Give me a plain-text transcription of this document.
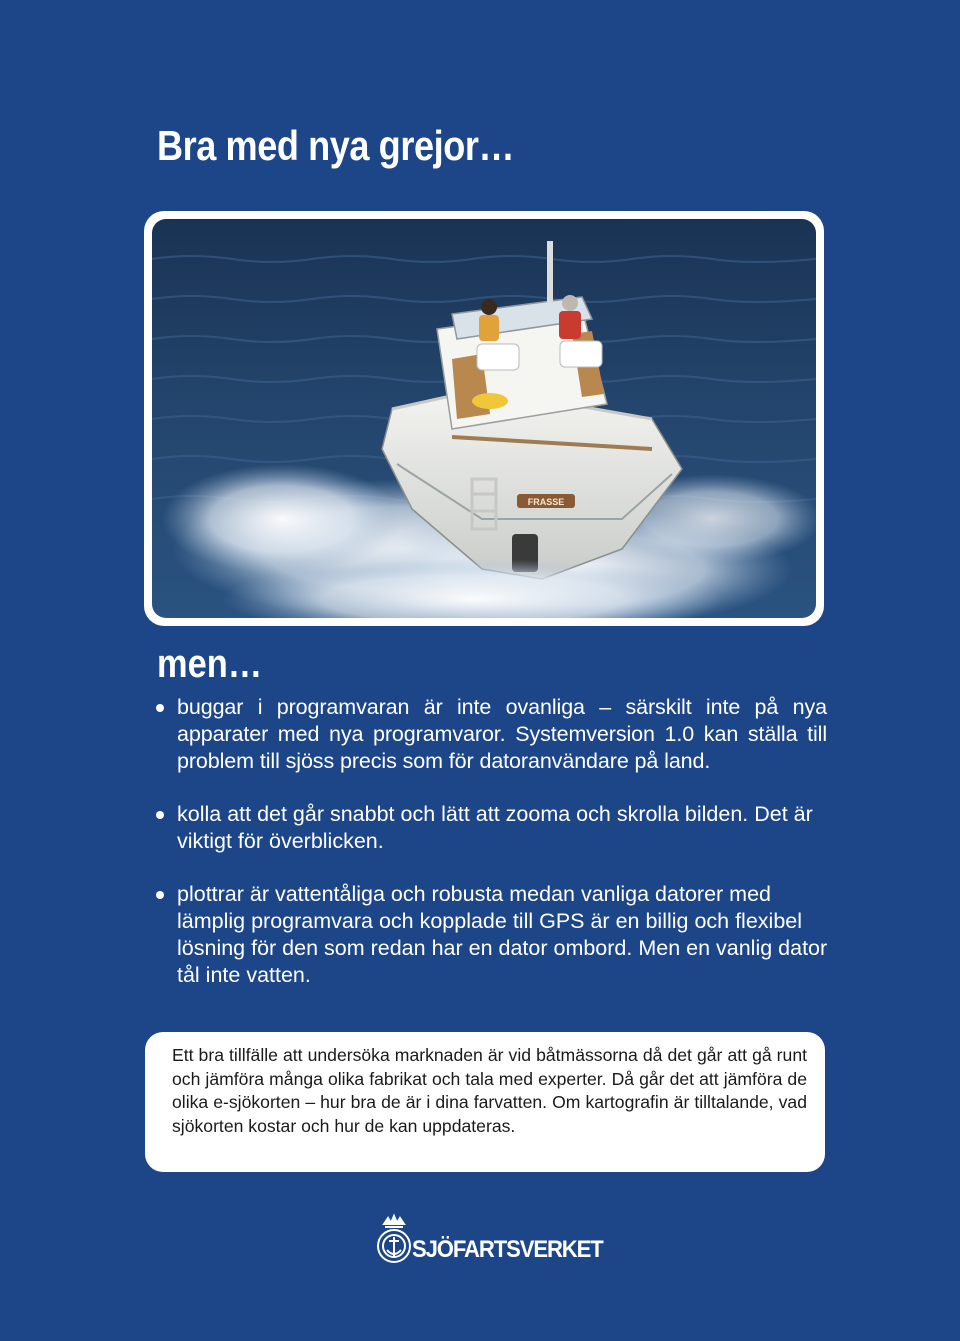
Bra med nya grejor…
FRASSE
men…
buggar i programvaran är inte ovanliga – särskilt inte på nya apparater med nya programvaror. Systemversion 1.0 kan ställa till problem till sjöss precis som för datoranvändare på land.
kolla att det går snabbt och lätt att zooma och skrolla bilden. Det är viktigt för överblicken.
plottrar är vattentåliga och robusta medan vanliga datorer med lämplig programvara och kopplade till GPS är en billig och flexibel lösning för den som redan har en dator ombord. Men en vanlig dator tål inte vatten.
Ett bra tillfälle att undersöka marknaden är vid båtmässorna då det går att gå runt och jämföra många olika fabrikat och tala med experter. Då går det att jämföra de olika e-sjökorten – hur bra de är i dina farvatten. Om kartografin är tilltalande, vad sjökorten kostar och hur de kan uppdateras.
SJÖFARTSVERKET
